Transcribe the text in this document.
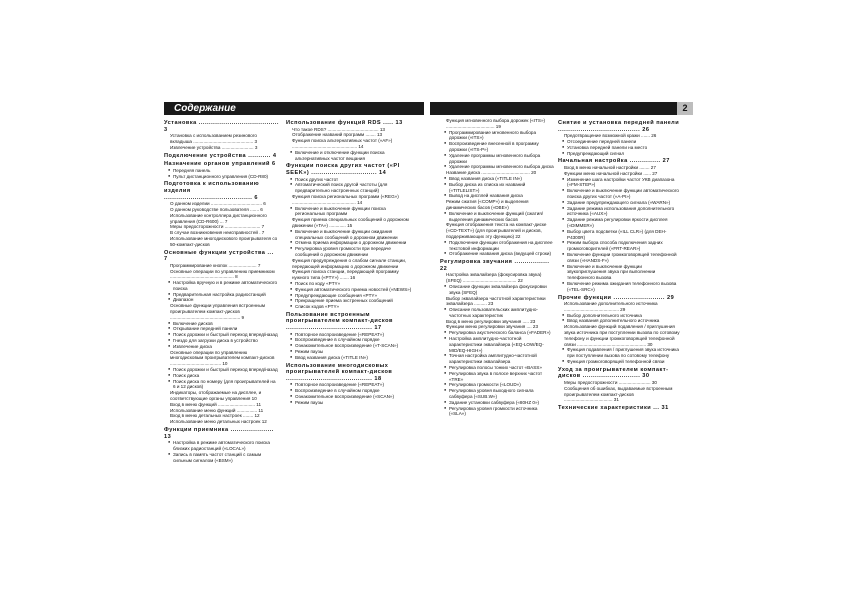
Содержание	2
Установка ....................................... 3
Установка с использованием резинового вкладыша ............................................... 3
Извлечение устройства ......................... 3
Подключение устройства ........... 4
Назначение органов управлений 6
● Передняя панель
● Пульт дистанционного управления (CD-R80)
Подготовка к использованию изделия ........................................... 6
О данном изделии ........................................ 6
О данном руководстве пользователя ....... 6
Использование контроллера дистанционного управления (CD-R600) ... 7
Меры предосторожности ............................ 7
В случае возникновения неисправностей . 7
Использование многодискового проигрывателя со 50-компакт-дисков
Основные функции устройства ... 7
Программирование кнопок ...................... 7
Основные операции по управлению приемником .................................................. 8
● Настройка вручную и в режиме автоматического поиска
● Предварительная настройка радиостанций
● Диапазон
Основные функции управления встроенным проигрывателем компакт-дисков ....................................................... 9
● Включение дисков
● Открывание передней панели
● Поиск дорожки и быстрый переход вперед/назад
● Гнездо для загрузки диска в устройство
● Извлечение диска
Основные операции по управлению многодисковым проигрывателем компакт-дисков ........................................ 10
● Поиск дорожки и быстрый переход вперед/назад
● Поиск диска
● Поиск диска по номеру (для проигрывателей на 6 и 12 дисков)
Индикаторы, отображаемые на дисплее, и соответствующие органы управления 10
Вход в меню функций ............................. 11
Использование меню функций ................ 11
Вход в меню детальных настроек ........ 12
Использование меню детальных настроек 12
Функции приемника ..................... 13
● Настройка в режиме автоматического поиска близких радиостанций («LOCAL»)
● Запись в память частот станций с самым сильным сигналом («BSM»)
Использование функций RDS ..... 13
Что такое RDS? ........................................ 13
Отображение названий программ ........ 13
Функция поиска альтернативных частот («AF») ................................................... 14
● Включение и отключение функции поиска альтернативных частот вещания
Функции поиска других частот («PI SEEK») ................................ 14
● Поиск других частот
● Автоматический поиск другой частоты (для предварительно настроенных станций)
Функция поиска региональных программ («REG») .................................................. 14
● Включение и выключение функции поиска региональных программ
Функция приема специальных сообщений о дорожном движении («TA») ............. 15
● Включение и выключение функции ожидания специальных сообщений о дорожном движении
● Отмена приема информации о дорожном движении
● Регулировка уровня громкости при передаче сообщений о дорожном движении
Функция предупреждения о слабом сигнале станции, передающей информацию о дорожном движении
Функция поиска станции, передающей программу нужного типа («PTY») ....... 16
● Поиск по коду «PTY»
● Функция автоматического приема новостей («NEWS»)
● Предупреждающие сообщения «PTY»
● Прекращение приема экстренных сообщений
● Список кодов «PTY»
Пользование встроенным проигрывателем компакт-дисков .......................................... 17
● Повторное воспроизведение («REPEAT»)
● Воспроизведение в случайном порядке
● Ознакомительное воспроизведение («T-SCAN»)
● Режим паузы
● Ввод названия диска («TITLE IN»)
Использование многодисковых проигрывателей компакт-дисков .......................................... 18
● Повторное воспроизведение («REPEAT»)
● Воспроизведение в случайном порядке
● Ознакомительное воспроизведение («SCAN»)
● Режим паузы
Функция мгновенного выбора дорожек («ITS») ...................................... 19
● Программирование мгновенного выбора дорожки («ITS»)
● Воспроизведение внесенной в программу дорожки («ITS-P»)
● Удаление программы мгновенного выбора дорожки
● Удаление программы мгновенного выбора диска
Название диска ...................................... 20
● Ввод названия диска («TITLE IN»)
● Выбор диска из списка их названий («TITLELIST»)
● Вывод на дисплей названия диска
Режим сжатия («COMP») и выделения динамических басов («DBE»)
● Включение и выключение функций (сжатия/выделения динамических басов
Функция отображения текста на компакт-диске («CD-TEXT») (для проигрывателей и дисков, поддерживающих эту функцию) 22
● Подключение функции отображения на дисплее текстовой информации
● Отображение названия диска (ведущей строки)
Регулировка звучания ................. 22
Настройка эквалайзера (фокусировка звука) (SFEQ) .......................................... 22
● Описание функции эквалайзера фокусировки звука (SFEQ)
Выбор эквалайзера частотной характеристики эквалайзера .......... 23
● Описание пользовательских амплитудно-частотных характеристик
Вход в меню регулировки звучания ..... 23
Функции меню регулировки звучания .... 23
● Регулировка акустического баланса («FADER»)
● Настройка амплитудно-частотной характеристики эквалайзера («EQ-LOW/EQ-MID/EQ-HIGH»)
● Точная настройка амплитудно-частотной характеристики эквалайзера
● Регулировка полосы тонких частот «BASS»
● Регулировка звука в полосе верхних частот «TRE»
● Регулировка громкости («LOUD»)
● Регулировка уровня выходного сигнала сабвуфера («SUB.W»)
● Задание установки сабвуфера («80HZ 0»)
● Регулировка уровня громкости источника («SLA»)
Снятие и установка передней панели ........................................ 26
Предотвращение возможной кражи ....... 26
● Отсоединение передней панели
● Установка передней панели на место
● Предупреждающий сигнал
Начальная настройка ............... 27
Вход в меню начальной настройки ........ 27
Функции меню начальной настройки ...... 27
● Изменение шага настройки частот УКВ диапазона («FM-STEP»)
● Включение и выключение функции автоматического поиска других частот («A-PI»)
● Задание предупреждающего сигнала («WARN»)
● Задание режима использования дополнительного источника («AUX»)
● Задание режима регулировки яркости дисплея («DIMMER»)
● Выбор цвета подсветки («ILL CLR») (для DEH-P4300R)
● Режим выбора способа подключения задних громкоговорителей («FRT-REAR»)
● Включение функции громкоговорящей телефонной связи («HANDS-F»)
● Включение и выключение функции звукоприглушения звука при выполнении телефонного вызова
● Включение режима ожидания телефонного вызова («TEL-SRC»)
Прочие функции ......................... 29
Использование дополнительного источника ........................................... 29
● Выбор дополнительного источника
● Ввод названия дополнительного источника
Использование функций подавления / приглушения звука источника при поступлении вызова по сотовому телефону и функции громкоговорящей телефонной связи ...................................................... 30
● Функция подавления / приглушения звука источника при поступлении вызова по сотовому телефону
● Функция громкоговорящей телефонной связи
Уход за проигрывателем компакт-дисков ............................ 30
Меры предосторожности ......................... 30
Сообщения об ошибках, выдаваемые встроенным проигрывателем компакт-дисков ...................................... 31
Технические характеристики ... 31
